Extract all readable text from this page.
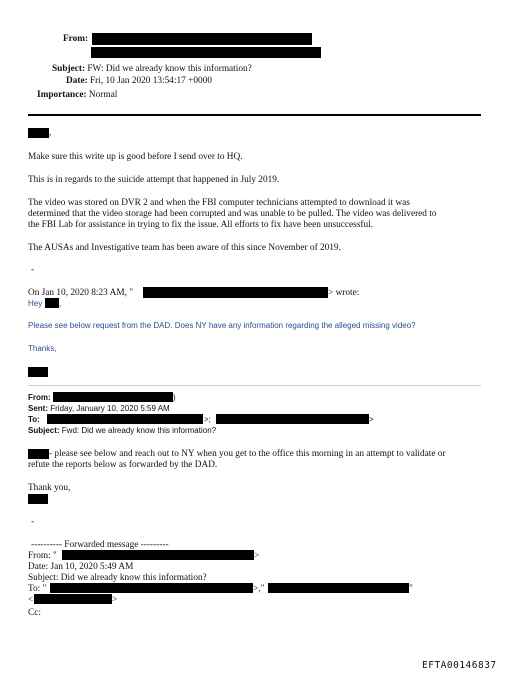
From:
Subject: FW: Did we already know this information?
Date: Fri, 10 Jan 2020 13:54:17 +0000
Importance: Normal
,
Make sure this write up is good before I send over to HQ.
This is in regards to the suicide attempt that happened in July 2019.
The video was stored on DVR 2 and when the FBI computer technicians attempted to download it was
determined that the video storage had been corrupted and was unable to be pulled. The video was delivered to
the FBI Lab for assistance in trying to fix the issue. All efforts to fix have been unsuccessful.
The AUSAs and Investigative team has been aware of this since November of 2019.
-
On Jan 10, 2020 8:23 AM, "	> wrote:
Hey ,
Please see below request from the DAD. Does NY have any information regarding the alleged missing video?
Thanks,
From:	)
Sent: Friday, January 10, 2020 5:59 AM
To:	>;	>
Subject: Fwd: Did we already know this information?
- please see below and reach out to NY when you get to the office this morning in an attempt to validate or
refute the reports below as forwarded by the DAD.
Thank you,
-
---------- Forwarded message ---------
From: "	>
Date: Jan 10, 2020 5:49 AM
Subject: Did we already know this information?
To: "	>,"	"
<	>
Cc:
EFTA00146837
